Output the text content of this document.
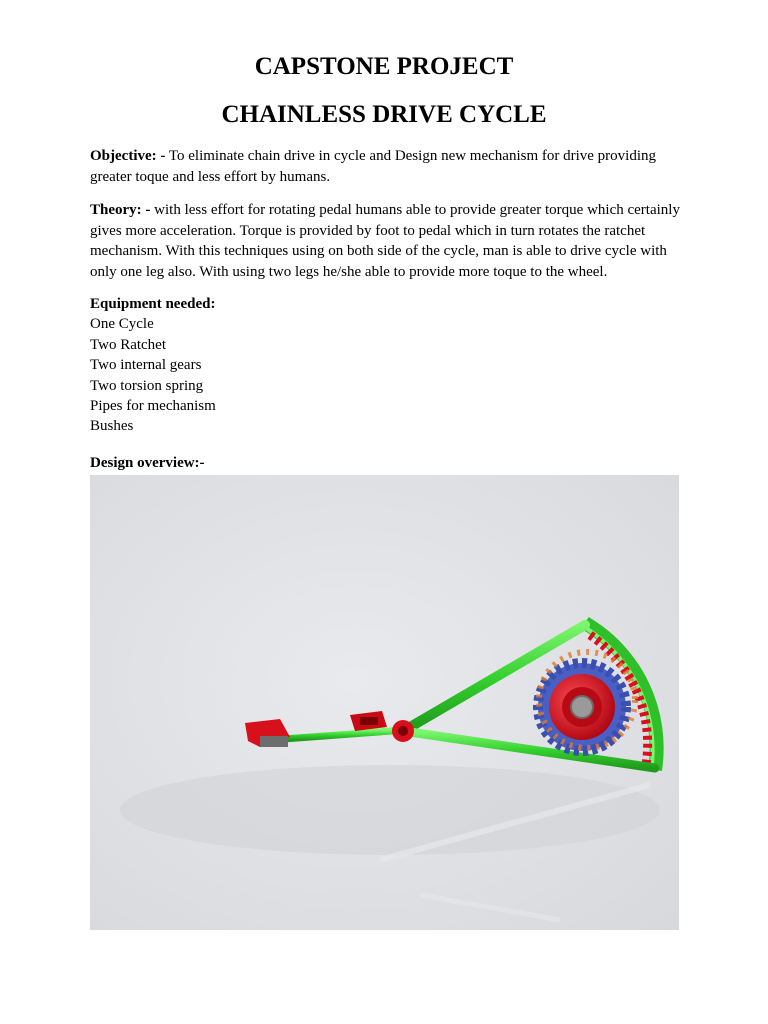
CAPSTONE PROJECT
CHAINLESS DRIVE CYCLE
Objective: - To eliminate chain drive in cycle and Design new mechanism for drive providing greater toque and less effort by humans.
Theory: - with less effort for rotating pedal humans able to provide greater torque which certainly gives more acceleration. Torque is provided by foot to pedal which in turn rotates the ratchet mechanism. With this techniques using on both side of the cycle, man is able to drive cycle with only one leg also. With using two legs he/she able to provide more toque to the wheel.
Equipment needed:
One Cycle
Two Ratchet
Two internal gears
Two torsion spring
Pipes for mechanism
Bushes
Design overview:-
